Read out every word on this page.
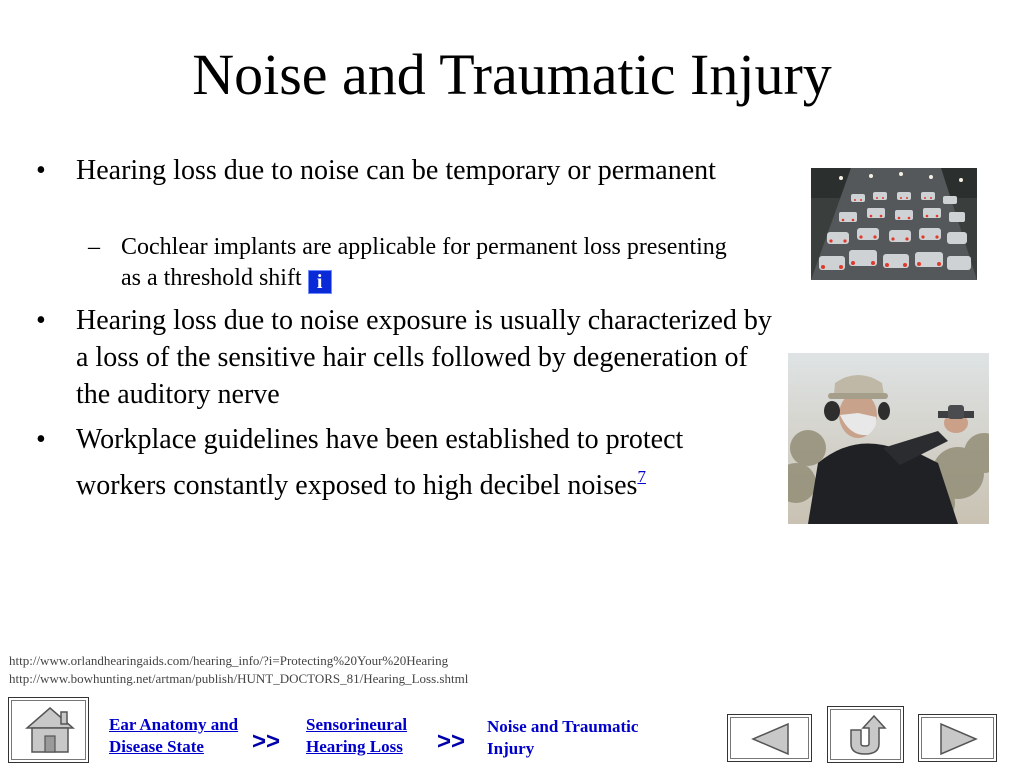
Noise and Traumatic Injury
• Hearing loss due to noise can be temporary or permanent
– Cochlear implants are applicable for permanent loss presenting as a threshold shift i
• Hearing loss due to noise exposure is usually characterized by a loss of the sensitive hair cells followed by degeneration of the auditory nerve
• Workplace guidelines have been established to protect workers constantly exposed to high decibel noises$^7$
http://www.orlandhearingaids.com/hearing_info/?i=Protecting%20Your%20Hearing
http://www.bowhunting.net/artman/publish/HUNT_DOCTORS_81/Hearing_Loss.shtml
Ear Anatomy and
Disease State	>>
Sensorineural
Hearing Loss >>
Noise and Traumatic
Injury
